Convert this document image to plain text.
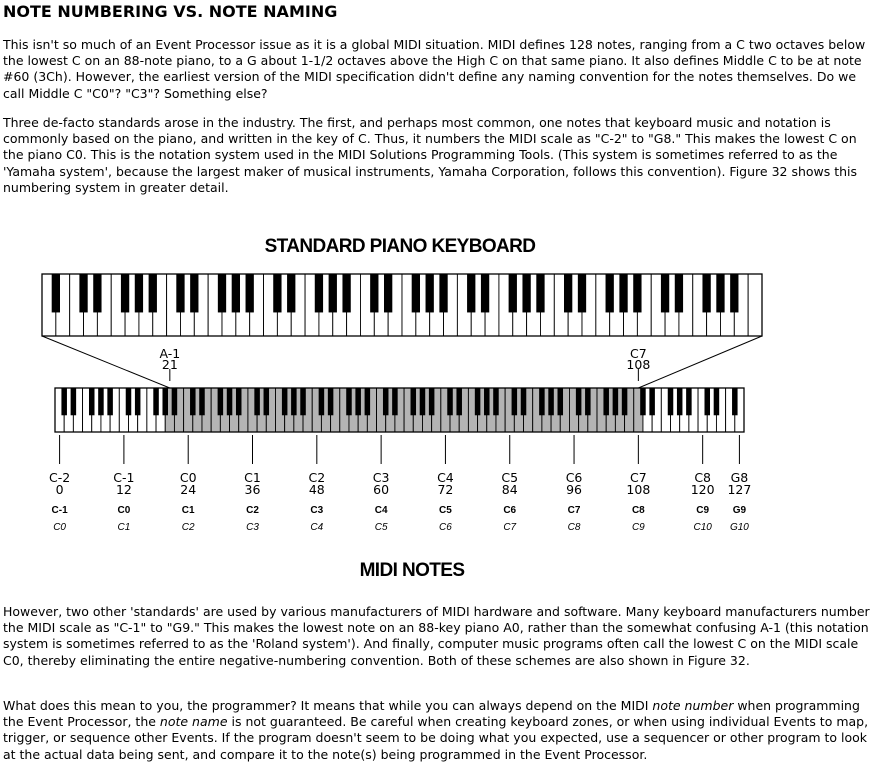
NOTE NUMBERING VS. NOTE NAMING

This isn't so much of an Event Processor issue as it is a global MIDI situation. MIDI defines 128 notes, ranging from a C two octaves below the lowest C on an 88-note piano, to a G about 1-1/2 octaves above the High C on that same piano. It also defines Middle C to be at note #60 (3Ch). However, the earliest version of the MIDI specification didn't define any naming convention for the notes themselves. Do we call Middle C "C0"? "C3"? Something else?

Three de-facto standards arose in the industry. The first, and perhaps most common, one notes that keyboard music and notation is commonly based on the piano, and written in the key of C. Thus, it numbers the MIDI scale as "C-2" to "G8." This makes the lowest C on the piano C0. This is the notation system used in the MIDI Solutions Programming Tools. (This system is sometimes referred to as the 'Yamaha system', because the largest maker of musical instruments, Yamaha Corporation, follows this convention). Figure 32 shows this numbering system in greater detail.

STANDARD PIANO KEYBOARD
A-1
21
C7
108
C-2
0
C-1
C0
C-1
12
C0
C1
C0
24
C1
C2
C1
36
C2
C3
C2
48
C3
C4
C3
60
C4
C5
C4
72
C5
C6
C5
84
C6
C7
C6
96
C7
C8
C7
108
C8
C9
C8
120
C9
C10
G8
127
G9
G10
MIDI NOTES

However, two other 'standards' are used by various manufacturers of MIDI hardware and software. Many keyboard manufacturers number the MIDI scale as "C-1" to "G9." This makes the lowest note on an 88-key piano A0, rather than the somewhat confusing A-1 (this notation system is sometimes referred to as the 'Roland system'). And finally, computer music programs often call the lowest C on the MIDI scale C0, thereby eliminating the entire negative-numbering convention. Both of these schemes are also shown in Figure 32.

What does this mean to you, the programmer? It means that while you can always depend on the MIDI note number when programming the Event Processor, the note name is not guaranteed. Be careful when creating keyboard zones, or when using individual Events to map, trigger, or sequence other Events. If the program doesn't seem to be doing what you expected, use a sequencer or other program to look at the actual data being sent, and compare it to the note(s) being programmed in the Event Processor.
